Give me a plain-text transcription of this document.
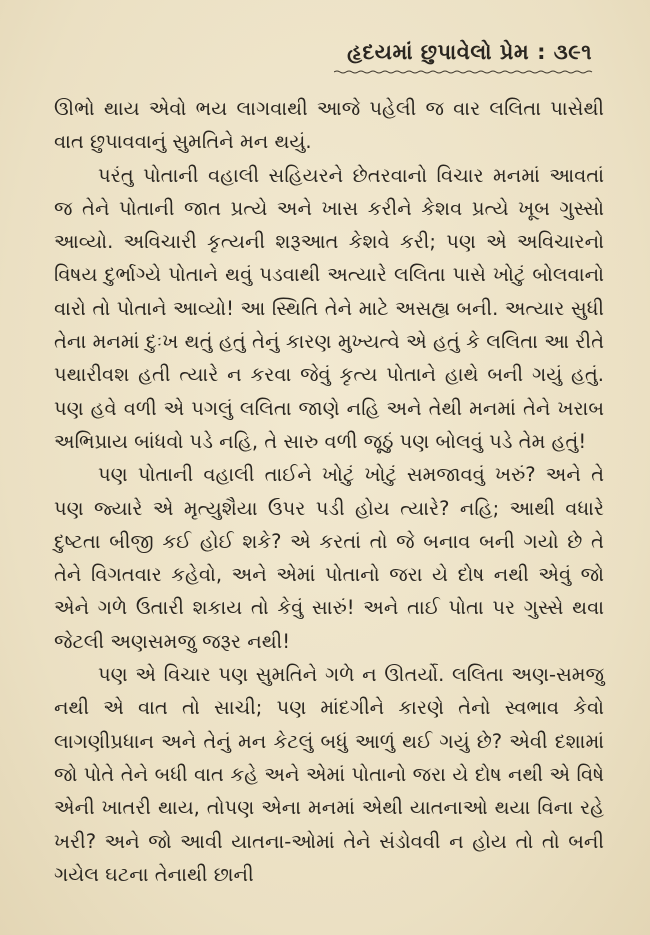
હૃદયમાં છુપાવેલો પ્રેમ : ૩૯૧

ઊભો થાય એવો ભય લાગવાથી આજે પહેલી જ વાર લલિતા પાસેથી વાત છુપાવવાનું સુમતિને મન થયું.

પરંતુ પોતાની વહાલી સહિયરને છેતરવાનો વિચાર મનમાં આવતાં જ તેને પોતાની જાત પ્રત્યે અને ખાસ કરીને કેશવ પ્રત્યે ખૂબ ગુસ્સો આવ્યો. અવિચારી કૃત્યની શરૂઆત કેશવે કરી; પણ એ અવિચારનો વિષય દુર્ભાગ્યે પોતાને થવું પડવાથી અત્યારે લલિતા પાસે ખોટું બોલવાનો વારો તો પોતાને આવ્યો! આ સ્થિતિ તેને માટે અસહ્ય બની. અત્યાર સુધી તેના મનમાં દુઃખ થતું હતું તેનું કારણ મુખ્યત્વે એ હતું કે લલિતા આ રીતે પથારીવશ હતી ત્યારે ન કરવા જેવું કૃત્ય પોતાને હાથે બની ગયું હતું. પણ હવે વળી એ પગલું લલિતા જાણે નહિ અને તેથી મનમાં તેને ખરાબ અભિપ્રાય બાંધવો પડે નહિ, તે સારુ વળી જૂઠું પણ બોલવું પડે તેમ હતું!

પણ પોતાની વહાલી તાઈને ખોટું ખોટું સમજાવવું ખરું? અને તે પણ જ્યારે એ મૃત્યુશૈયા ઉપર પડી હોય ત્યારે? નહિ; આથી વધારે દુષ્ટતા બીજી કઈ હોઈ શકે? એ કરતાં તો જે બનાવ બની ગયો છે તે તેને વિગતવાર કહેવો, અને એમાં પોતાનો જરા યે દોષ નથી એવું જો એને ગળે ઉતારી શકાય તો કેવું સારું! અને તાઈ પોતા પર ગુસ્સે થવા જેટલી અણસમજુ જરૂર નથી!

પણ એ વિચાર પણ સુમતિને ગળે ન ઊતર્યો. લલિતા અણ-સમજુ નથી એ વાત તો સાચી; પણ માંદગીને કારણે તેનો સ્વભાવ કેવો લાગણીપ્રધાન અને તેનું મન કેટલું બધું આળું થઈ ગયું છે? એવી દશામાં જો પોતે તેને બધી વાત કહે અને એમાં પોતાનો જરા યે દોષ નથી એ વિષે એની ખાતરી થાય, તોપણ એના મનમાં એથી યાતનાઓ થયા વિના રહે ખરી? અને જો આવી યાતના-ઓમાં તેને સંડોવવી ન હોય તો તો બની ગયેલ ઘટના તેનાથી છાની
